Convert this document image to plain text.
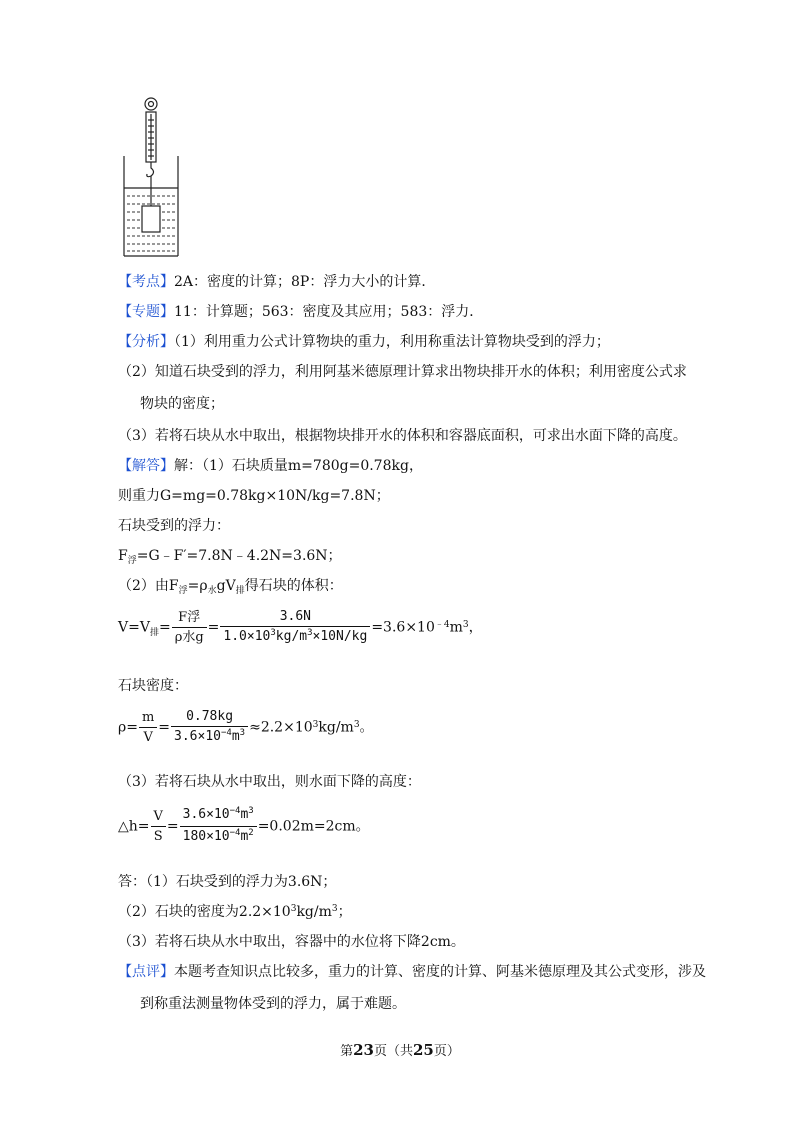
【考点】2A：密度的计算；8P：浮力大小的计算．
【专题】11：计算题；563：密度及其应用；583：浮力．
【分析】（1）利用重力公式计算物块的重力，利用称重法计算物块受到的浮力；
（2）知道石块受到的浮力，利用阿基米德原理计算求出物块排开水的体积；利用密度公式求
物块的密度；
（3）若将石块从水中取出，根据物块排开水的体积和容器底面积，可求出水面下降的高度。
【解答】解：（1）石块质量m=780g=0.78kg，
则重力G=mg=0.78kg×10N/kg=7.8N；
石块受到的浮力：
$F_浮=G﹣F'=7.8N﹣4.2N=3.6N$；
（2）由$F_浮=\rho_水gV_排$得石块的体积：
$V=V_排= \frac{\text{F浮}}{\text{ρ水g}} = \frac{3.6N}{1.0\times 10^3kg/m^3\times 10N/kg} =3.6\times 10^{﹣4}m^3$，
石块密度：
$\rho= \frac{m}{V} = \frac{0.78kg}{3.6\times 10^{-4}m^3} \approx 2.2\times 10^3kg/m^3$。
（3）若将石块从水中取出，则水面下降的高度：
△h= $\frac{V}{S} = \frac{3.6\times 10^{-4}m^3}{180\times 10^{-4}m^2} =0.02m=2cm$。
答：（1）石块受到的浮力为3.6N；
（2）石块的密度为$2.2\times 10^3kg/m^3$；
（3）若将石块从水中取出，容器中的水位将下降2cm。
【点评】本题考查知识点比较多，重力的计算、密度的计算、阿基米德原理及其公式变形，涉及
到称重法测量物体受到的浮力，属于难题。
第23页（共25页）
